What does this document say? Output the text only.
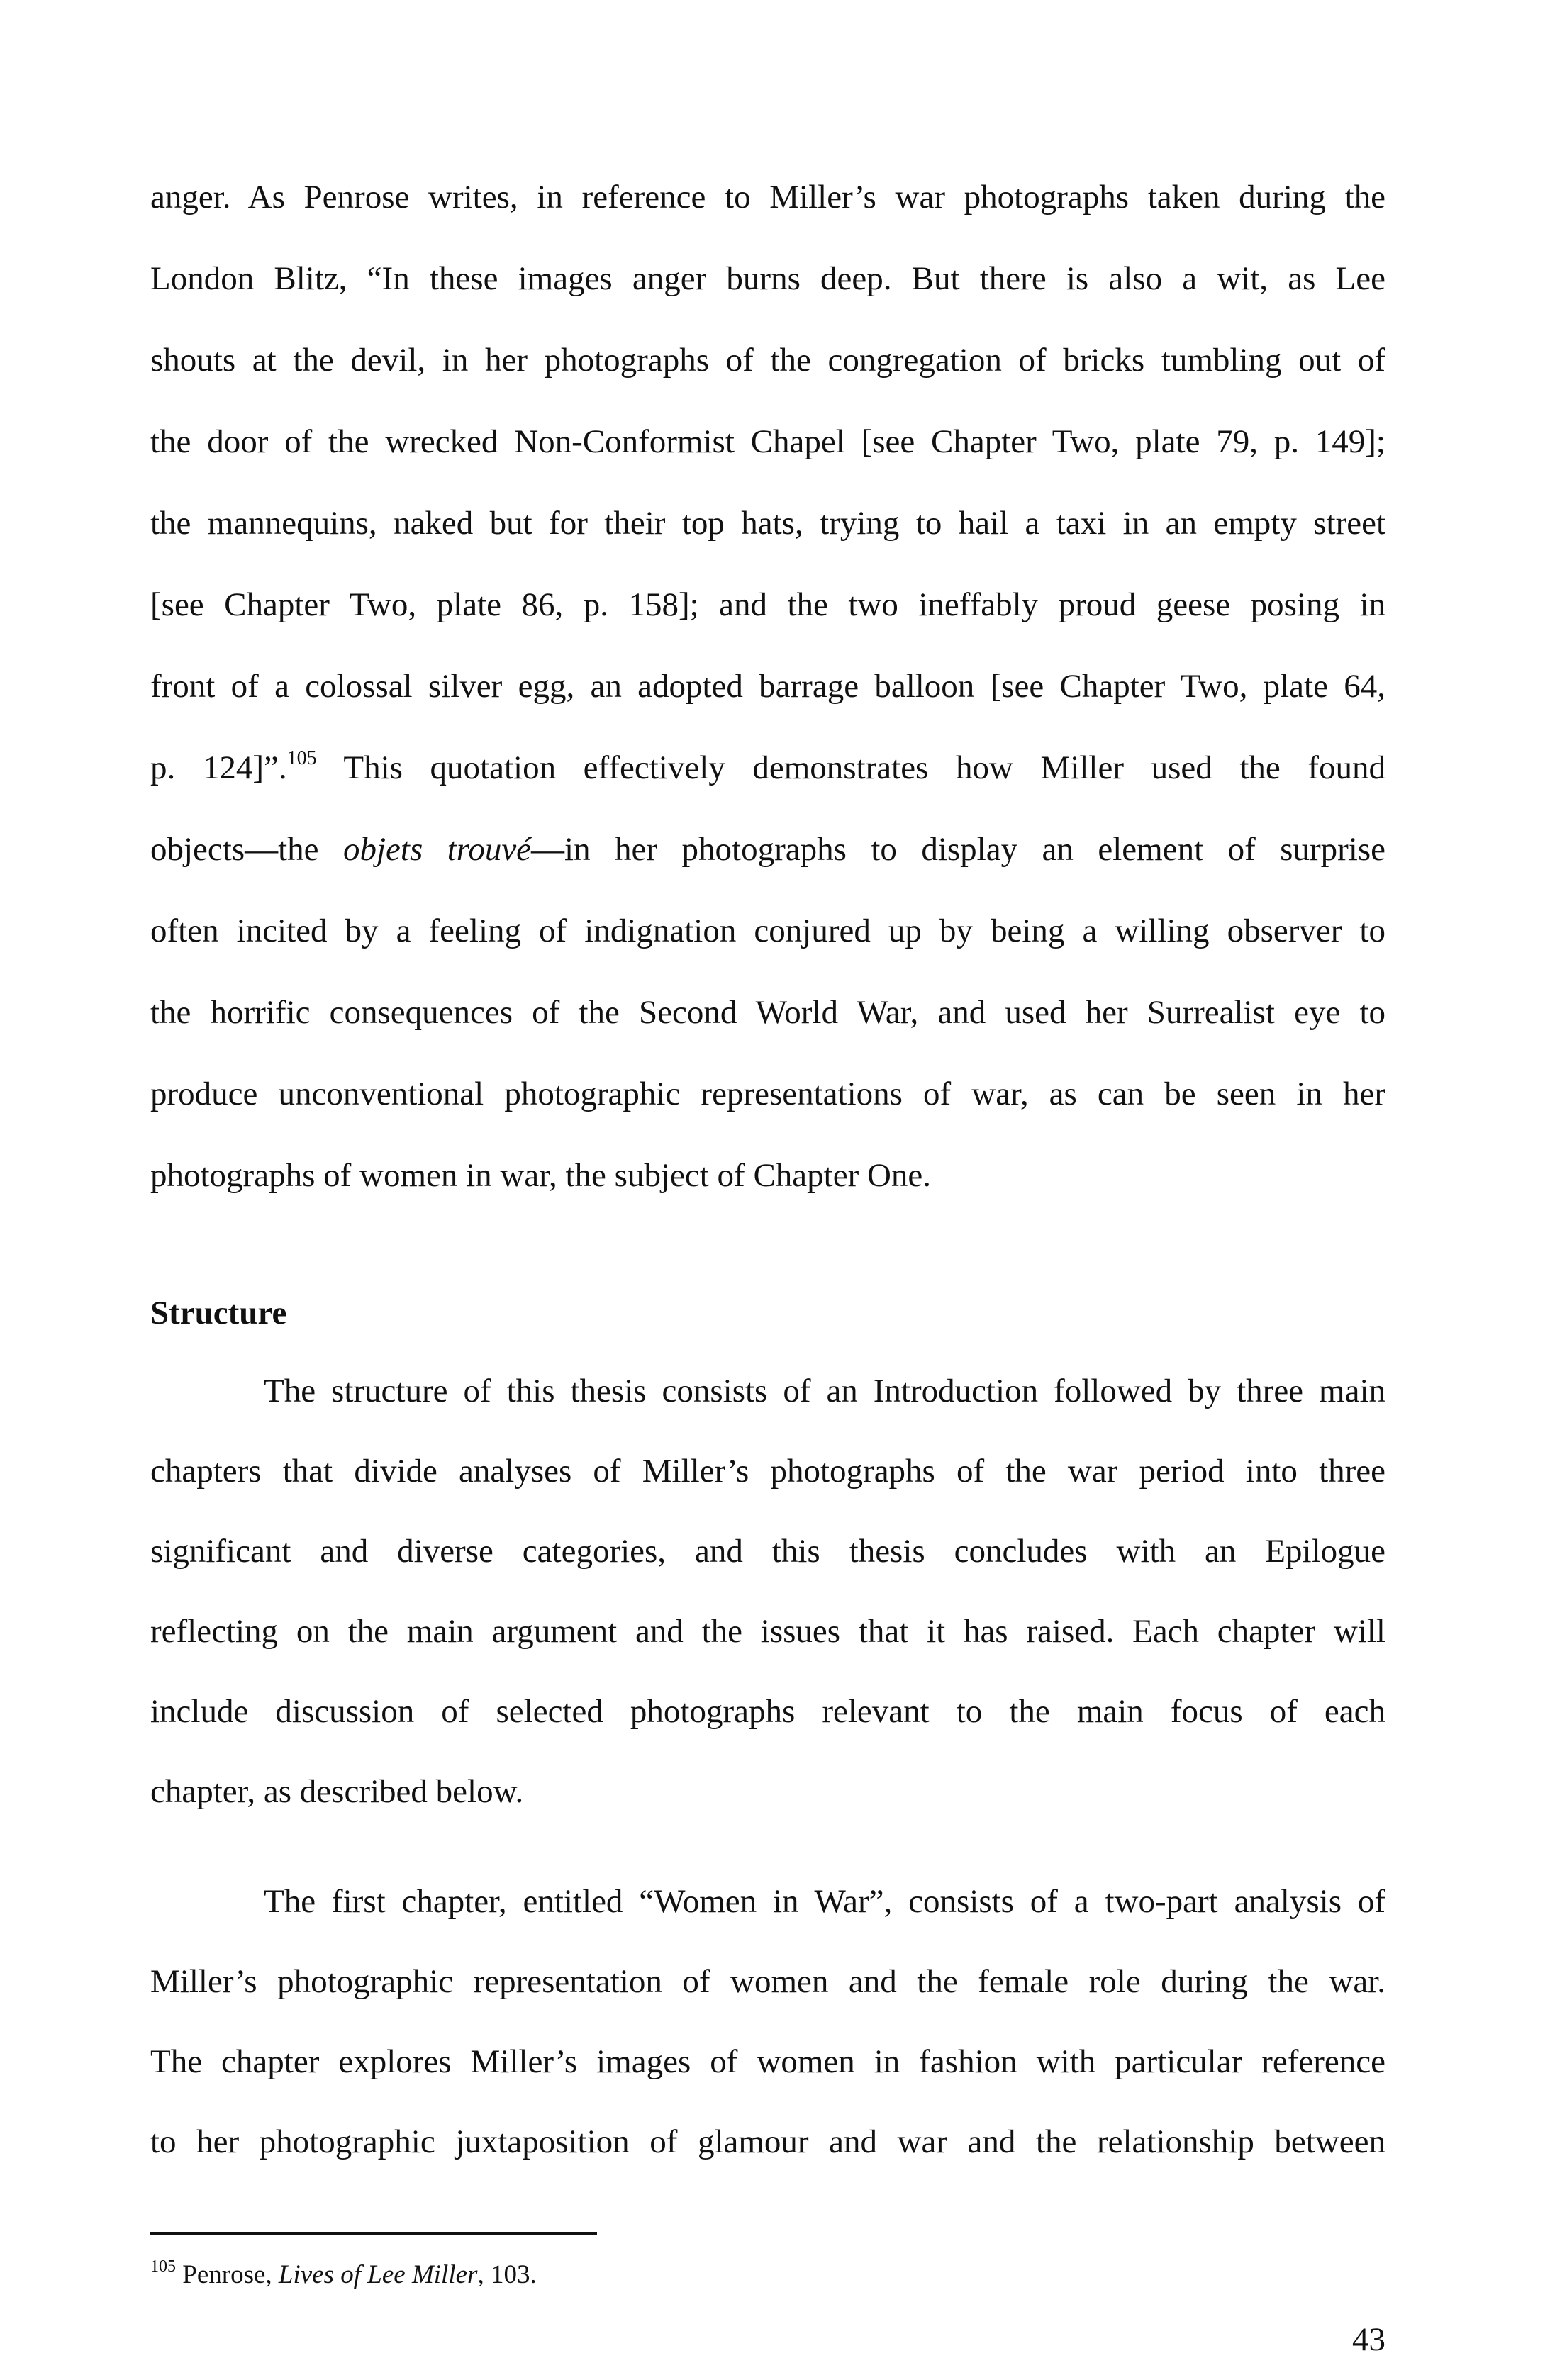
anger. As Penrose writes, in reference to Miller’s war photographs taken during the
London Blitz, “In these images anger burns deep. But there is also a wit, as Lee
shouts at the devil, in her photographs of the congregation of bricks tumbling out of
the door of the wrecked Non-Conformist Chapel [see Chapter Two, plate 79, p. 149];
the mannequins, naked but for their top hats, trying to hail a taxi in an empty street
[see Chapter Two, plate 86, p. 158]; and the two ineffably proud geese posing in
front of a colossal silver egg, an adopted barrage balloon [see Chapter Two, plate 64,
p. 124]”.$^{105}$ This quotation effectively demonstrates how Miller used the found
objects—the objets trouvé—in her photographs to display an element of surprise
often incited by a feeling of indignation conjured up by being a willing observer to
the horrific consequences of the Second World War, and used her Surrealist eye to
produce unconventional photographic representations of war, as can be seen in her
photographs of women in war, the subject of Chapter One.
Structure
The structure of this thesis consists of an Introduction followed by three main
chapters that divide analyses of Miller’s photographs of the war period into three
significant and diverse categories, and this thesis concludes with an Epilogue
reflecting on the main argument and the issues that it has raised. Each chapter will
include discussion of selected photographs relevant to the main focus of each
chapter, as described below.
The first chapter, entitled “Women in War”, consists of a two-part analysis of
Miller’s photographic representation of women and the female role during the war.
The chapter explores Miller’s images of women in fashion with particular reference
to her photographic juxtaposition of glamour and war and the relationship between
$^{105}$ Penrose, Lives of Lee Miller, 103.
43
